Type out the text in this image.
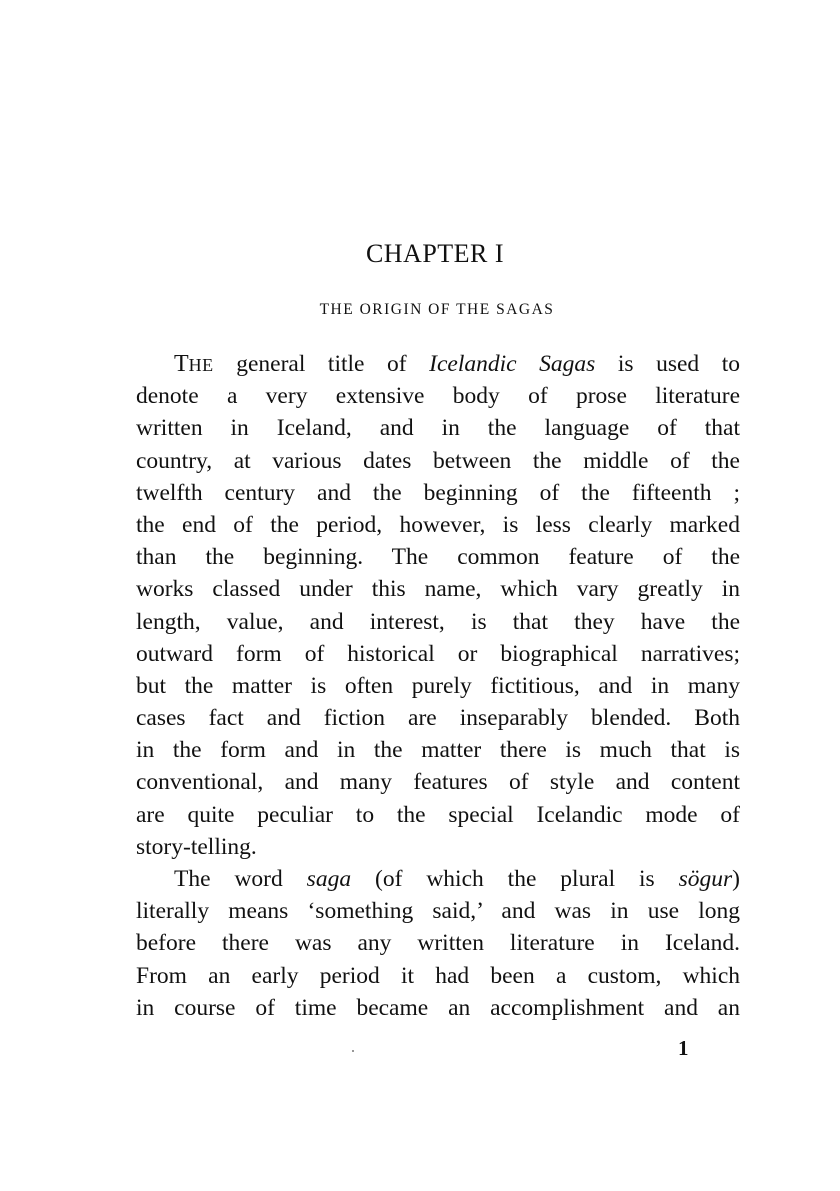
CHAPTER I
THE ORIGIN OF THE SAGAS
THE general title of Icelandic Sagas is used to
denote a very extensive body of prose literature
written in Iceland, and in the language of that
country, at various dates between the middle of the
twelfth century and the beginning of the fifteenth ;
the end of the period, however, is less clearly marked
than the beginning. The common feature of the
works classed under this name, which vary greatly in
length, value, and interest, is that they have the
outward form of historical or biographical narratives;
but the matter is often purely fictitious, and in many
cases fact and fiction are inseparably blended. Both
in the form and in the matter there is much that is
conventional, and many features of style and content
are quite peculiar to the special Icelandic mode of
story-telling.
The word saga (of which the plural is sögur)
literally means ‘something said,’ and was in use long
before there was any written literature in Iceland.
From an early period it had been a custom, which
in course of time became an accomplishment and an
1
